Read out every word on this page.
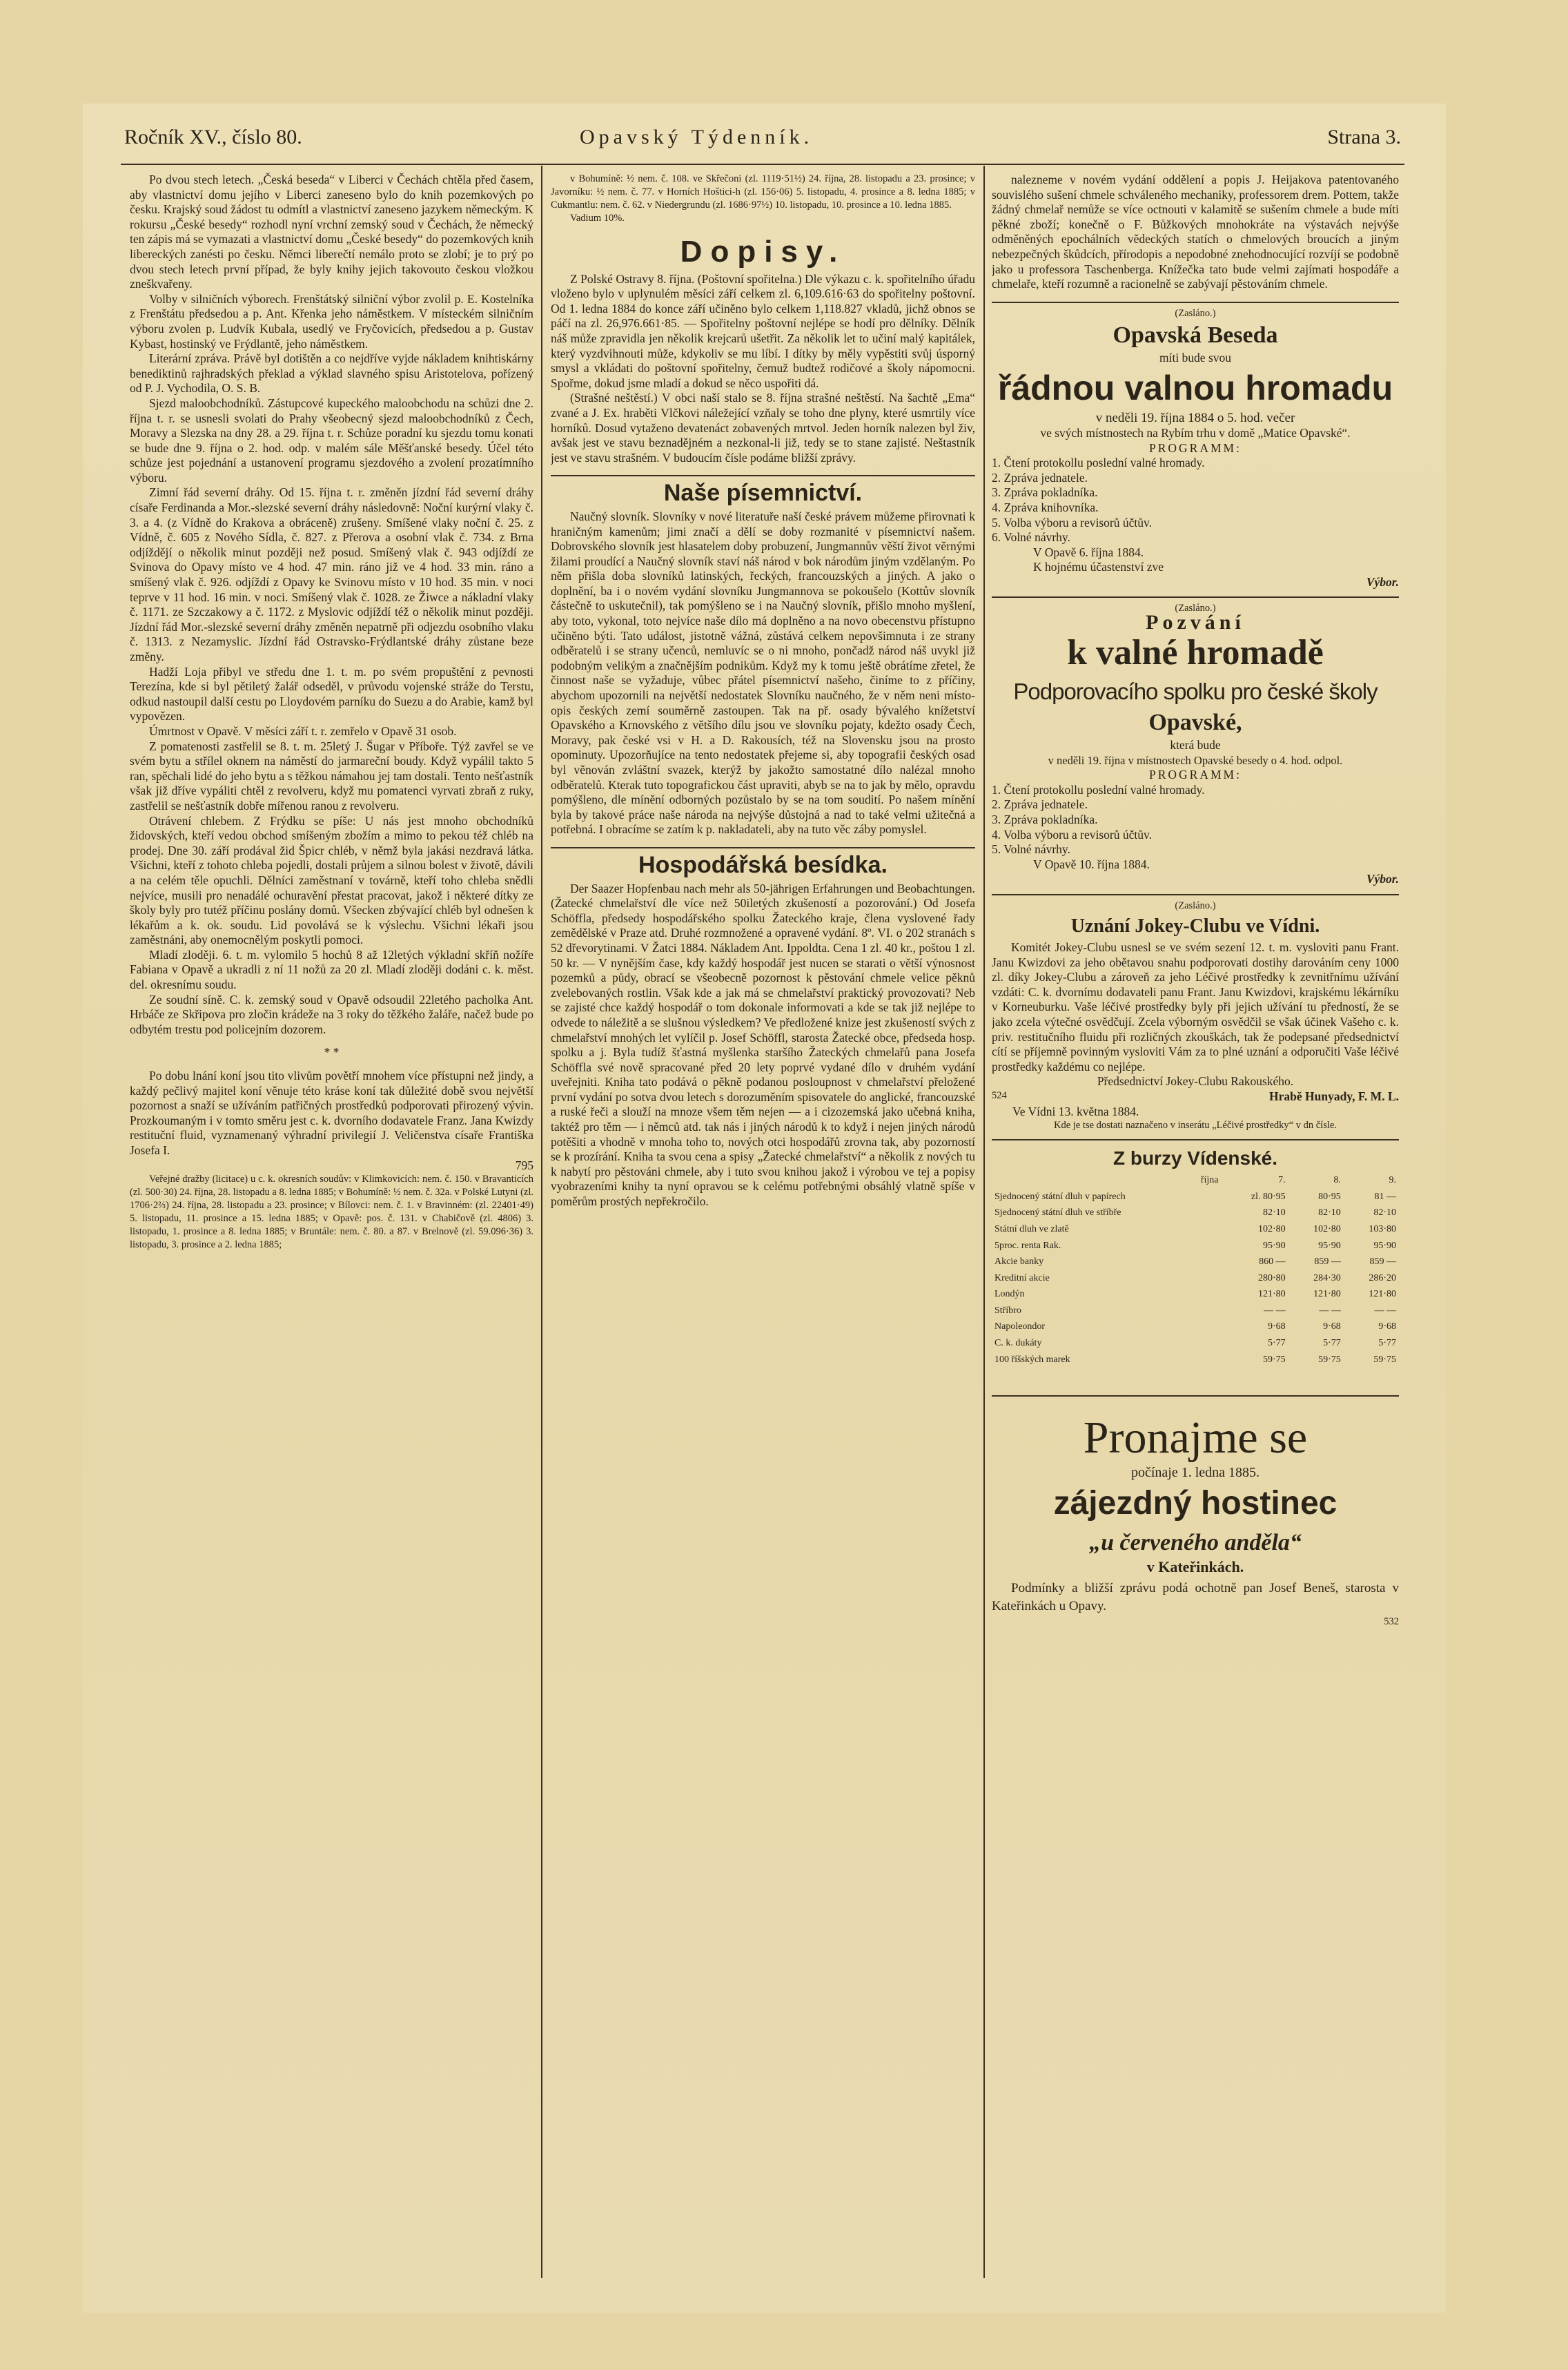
Ročník XV., číslo 80.	Opavský Týdenník.	Strana 3.

Po dvou stech letech. „Česká beseda“ v Liberci v Čechách chtěla před časem, aby vlastnictví domu jejího v Liberci zaneseno bylo do knih pozemkových po česku. Krajský soud žádost tu odmítl a vlastnictví zaneseno jazykem německým. K rokursu „České besedy“ rozhodl nyní vrchní zemský soud v Čechách, že německý ten zápis má se vymazati a vlastnictví domu „České besedy“ do pozemkových knih libereckých zanésti po česku. Němci liberečtí nemálo proto se zlobí; je to prý po dvou stech letech první případ, že byly knihy jejich takovouto českou vložkou zneškvařeny.

Volby v silničních výborech. Frenštátský silniční výbor zvolil p. E. Kostelníka z Frenštátu předsedou a p. Ant. Křenka jeho náměstkem. V místeckém silničním výboru zvolen p. Ludvík Kubala, usedlý ve Fryčovicích, předsedou a p. Gustav Kybast, hostinský ve Frýdlantě, jeho náměstkem.

Literární zpráva. Právě byl dotištěn a co nejdříve vyjde nákladem knihtiskárny benediktinů rajhradských překlad a výklad slavného spisu Aristotelova, pořízený od P. J. Vychodila, O. S. B.

Sjezd maloobchodníků. Zástupcové kupeckého maloobchodu na schůzi dne 2. října t. r. se usnesli svolati do Prahy všeobecný sjezd maloobchodníků z Čech, Moravy a Slezska na dny 28. a 29. října t. r. Schůze poradní ku sjezdu tomu konati se bude dne 9. října o 2. hod. odp. v malém sále Měšťanské besedy. Účel této schůze jest pojednání a ustanovení programu sjezdového a zvolení prozatímního výboru.

Zimní řád severní dráhy. Od 15. října t. r. změněn jízdní řád severní dráhy císaře Ferdinanda a Mor.-slezské severní dráhy následovně: Noční kurýrní vlaky č. 3. a 4. (z Vídně do Krakova a obráceně) zrušeny. Smíšené vlaky noční č. 25. z Vídně, č. 605 z Nového Sídla, č. 827. z Přerova a osobní vlak č. 734. z Brna odjíždějí o několik minut později než posud. Smíšený vlak č. 943 odjíždí ze Svinova do Opavy místo ve 4 hod. 47 min. ráno již ve 4 hod. 33 min. ráno a smíšený vlak č. 926. odjíždí z Opavy ke Svinovu místo v 10 hod. 35 min. v noci teprve v 11 hod. 16 min. v noci. Smíšený vlak č. 1028. ze Žiwce a nákladní vlaky č. 1171. ze Szczakowy a č. 1172. z Myslovic odjíždí též o několik minut později. Jízdní řád Mor.-slezské severní dráhy změněn nepatrně při odjezdu osobního vlaku č. 1313. z Nezamyslic. Jízdní řád Ostravsko-Frýdlantské dráhy zůstane beze změny.

Hadží Loja přibyl ve středu dne 1. t. m. po svém propuštění z pevnosti Terezína, kde si byl pětiletý žalář odseděl, v průvodu vojenské stráže do Terstu, odkud nastoupil další cestu po Lloydovém parníku do Suezu a do Arabie, kamž byl vypovězen.

Úmrtnost v Opavě. V měsíci září t. r. zemřelo v Opavě 31 osob.

Z pomatenosti zastřelil se 8. t. m. 25letý J. Šugar v Příboře. Týž zavřel se ve svém bytu a střílel oknem na náměstí do jarmareční boudy. Když vypálil takto 5 ran, spěchali lidé do jeho bytu a s těžkou námahou jej tam dostali. Tento nešťastník však již dříve vypáliti chtěl z revolveru, když mu pomatenci vyrvati zbraň z ruky, zastřelil se nešťastník dobře mířenou ranou z revolveru.

Otrávení chlebem. Z Frýdku se píše: U nás jest mnoho obchodníků židovských, kteří vedou obchod smíšeným zbožím a mimo to pekou též chléb na prodej. Dne 30. září prodával žid Špicr chléb, v němž byla jakási nezdravá látka. Všichni, kteří z tohoto chleba pojedli, dostali průjem a silnou bolest v životě, dávili a na celém těle opuchli. Dělníci zaměstnaní v továrně, kteří toho chleba snědli nejvíce, musili pro nenadálé ochuravění přestat pracovat, jakož i některé dítky ze školy byly pro tutéž příčinu poslány domů. Všecken zbývající chléb byl odnešen k lékařům a k. ok. soudu. Lid povolává se k výslechu. Všichni lékaři jsou zaměstnáni, aby onemocnělým poskytli pomoci.

Mladí zloději. 6. t. m. vylomilo 5 hochů 8 až 12letých výkladní skříň nožíře Fabiana v Opavě a ukradli z ní 11 nožů za 20 zl. Mladí zloději dodáni c. k. měst. del. okresnímu soudu.

Ze soudní síně. C. k. zemský soud v Opavě odsoudil 22letého pacholka Ant. Hrbáče ze Skřipova pro zločin krádeže na 3 roky do těžkého žaláře, načež bude po odbytém trestu pod policejním dozorem.

* *

Po dobu lnání koní jsou tito vlivům povětří mnohem více přístupni než jindy, a každý pečlivý majitel koní věnuje této kráse koní tak důležité době svou největší pozornost a snaží se užíváním patřičných prostředků podporovati přirozený vývin. Prozkoumaným i v tomto směru jest c. k. dvorního dodavatele Franz. Jana Kwizdy restituční fluid, vyznamenaný výhradní privilegií J. Veličenstva císaře Františka Josefa I.

795

Veřejné dražby (licitace) u c. k. okresních soudův: v Klimkovicích: nem. č. 150. v Bravanticích (zl. 500·30) 24. října, 28. listopadu a 8. ledna 1885; v Bohumíně: ½ nem. č. 32a. v Polské Lutyni (zl. 1706·2⅔) 24. října, 28. listopadu a 23. prosince; v Bílovci: nem. č. 1. v Bravinném: (zl. 22401·49) 5. listopadu, 11. prosince a 15. ledna 1885; v Opavě: pos. č. 131. v Chabičově (zl. 4806) 3. listopadu, 1. prosince a 8. ledna 1885; v Bruntále: nem. č. 80. a 87. v Brelnově (zl. 59.096·36) 3. listopadu, 3. prosince a 2. ledna 1885;

v Bohumíně: ½ nem. č. 108. ve Skřečoni (zl. 1119·51½) 24. října, 28. listopadu a 23. prosince; v Javorníku: ½ nem. č. 77. v Horních Hoštici-h (zl. 156·06) 5. listopadu, 4. prosince a 8. ledna 1885; v Cukmantlu: nem. č. 62. v Niedergrundu (zl. 1686·97½) 10. listopadu, 10. prosince a 10. ledna 1885.

Vadium 10%.

Dopisy.

Z Polské Ostravy 8. října. (Poštovní spořitelna.) Dle výkazu c. k. spořitelního úřadu vloženo bylo v uplynulém měsíci září celkem zl. 6,109.616·63 do spořitelny poštovní. Od 1. ledna 1884 do konce září učiněno bylo celkem 1,118.827 vkladů, jichž obnos se páčí na zl. 26,976.661·85. — Spořitelny poštovní nejlépe se hodí pro dělníky. Dělník náš může zpravidla jen několik krejcarů ušetřit. Za několik let to učiní malý kapitálek, který vyzdvihnouti může, kdykoliv se mu líbí. I dítky by měly vypěstiti svůj úsporný smysl a vkládati do poštovní spořitelny, čemuž budtež rodičové a školy nápomocni. Spořme, dokud jsme mladí a dokud se něco uspořiti dá.

(Strašné neštěstí.) V obci naší stalo se 8. října strašné neštěstí. Na šachtě „Ema“ zvané a J. Ex. hraběti Vlčkovi náležející vzňaly se toho dne plyny, které usmrtily více horníků. Dosud vytaženo devatenáct zobavených mrtvol. Jeden horník nalezen byl živ, avšak jest ve stavu beznadějném a nezkonal-li již, tedy se to stane zajisté. Neštastník jest ve stavu strašném. V budoucím čísle podáme bližší zprávy.

Naše písemnictví.

Naučný slovník. Slovníky v nové literatuře naší české právem můžeme přirovnati k hraničným kamenům; jimi značí a dělí se doby rozmanité v písemnictví našem. Dobrovského slovník jest hlasatelem doby probuzení, Jungmannův věští život věrnými žilami proudící a Naučný slovník staví náš národ v bok národům jiným vzdělaným. Po něm přišla doba slovníků latinských, řeckých, francouzských a jiných. A jako o doplnění, ba i o novém vydání slovníku Jungmannova se pokoušelo (Kottův slovník částečně to uskutečnil), tak pomýšleno se i na Naučný slovník, přišlo mnoho myšlení, aby toto, vykonal, toto nejvíce naše dílo má doplněno a na novo obecenstvu přístupno učiněno býti. Tato událost, jistotně vážná, zůstává celkem nepovšimnuta i ze strany odběratelů i se strany učenců, nemluvíc se o ni mnoho, pončadž národ náš uvykl již podobným velikým a značnějším podnikům. Když my k tomu ještě obrátíme zřetel, že činnost naše se vyžaduje, vůbec přátel písemnictví našeho, činíme to z příčiny, abychom upozornili na největší nedostatek Slovníku naučného, že v něm neni místo-opis českých zemí souměrně zastoupen. Tak na př. osady bývalého knížetství Opavského a Krnovského z většího dílu jsou ve slovníku pojaty, kdežto osady Čech, Moravy, pak české vsi v H. a D. Rakousích, též na Slovensku jsou na prosto opominuty. Upozorňujíce na tento nedostatek přejeme si, aby topografii českých osad byl věnován zvláštní svazek, kterýž by jakožto samostatné dílo nalézal mnoho odběratelů. Kterak tuto topografickou část upraviti, abyb se na to jak by mělo, opravdu pomýšleno, dle mínění odborných pozůstalo by se na tom soudití. Po našem mínění byla by takové práce naše národa na nejvýše důstojná a nad to také velmi užitečná a potřebná. I obracíme se zatím k p. nakladateli, aby na tuto věc záby pomyslel.

Hospodářská besídka.

Der Saazer Hopfenbau nach mehr als 50-jährigen Erfahrungen und Beobachtungen. (Žatecké chmelařství dle více než 50iletých zkušeností a pozorování.) Od Josefa Schöffla, předsedy hospodářského spolku Žateckého kraje, člena vyslovené řady zemědělské v Praze atd. Druhé rozmnožené a opravené vydání. 8º. VI. o 202 stranách s 52 dřevorytinami. V Žatci 1884. Nákladem Ant. Ippoldta. Cena 1 zl. 40 kr., poštou 1 zl. 50 kr. — V nynějším čase, kdy každý hospodář jest nucen se starati o větší výnosnost pozemků a půdy, obrací se všeobecně pozornost k pěstování chmele velice pěknů zvelebovaných rostlin. Však kde a jak má se chmelařství praktický provozovati? Neb se zajisté chce každý hospodář o tom dokonale informovati a kde se tak již nejlépe to odvede to náležitě a se slušnou výsledkem? Ve předložené knize jest zkušeností svých z chmelařství mnohých let vylíčil p. Josef Schöffl, starosta Žatecké obce, předseda hosp. spolku a j. Byla tudíž šťastná myšlenka staršího Žateckých chmelařů pana Josefa Schöffla své nově spracované před 20 lety poprvé vydané dílo v druhém vydání uveřejniti. Kniha tato podává o pěkně podanou posloupnost v chmelařství přeložené první vydání po sotva dvou letech s dorozuměním spisovatele do anglické, francouzské a ruské řeči a slouží na mnoze všem těm nejen — a i cizozemská jako učebná kniha, taktéž pro těm — i němců atd. tak nás i jiných národů k to když i nejen jiných národů potěšiti a vhodně v mnoha toho to, nových otci hospodářů zrovna tak, aby pozorností se k prozírání. Kniha ta svou cena a spisy „Žatecké chmelařství“ a několik z nových tu k nabytí pro pěstováni chmele, aby i tuto svou knihou jakož i výrobou ve tej a popisy vyobrazeními knihy ta nyní opravou se k celému potřebnými obsáhlý vlatně spíše v poměrům prostých nepřekročilo.

nalezneme v novém vydání oddělení a popis J. Heijakova patentovaného souvislého sušení chmele schváleného mechaniky, professorem drem. Pottem, takže žádný chmelař nemůže se více octnouti v kalamitě se sušením chmele a bude míti pěkné zboží; konečně o F. Bůžkových mnohokráte na výstavách nejvýše odměněných epochálních vědeckých statích o chmelových broucích a jiným nebezpečných škůdcích, přírodopis a nepodobné znehodnocující rozvíjí se podobně jako u professora Taschenberga. Knížečka tato bude velmi zajímati hospodáře a chmelaře, kteří rozumně a racionelně se zabývají pěstováním chmele.

(Zasláno.)
Opavská Beseda
míti bude svou
řádnou valnou hromadu
v neděli 19. října 1884 o 5. hod. večer
ve svých místnostech na Rybím trhu v domě „Matice Opavské“.
PROGRAMM:
1. Čtení protokollu poslední valné hromady.
2. Zpráva jednatele.
3. Zpráva pokladníka.
4. Zpráva knihovníka.
5. Volba výboru a revisorů účtův.
6. Volné návrhy.
V Opavě 6. října 1884.
K hojnému účastenství zve
Výbor.
(Zasláno.)
Pozvání
k valné hromadě
Podporovacího spolku pro české školy
Opavské,
která bude
v neděli 19. října v místnostech Opavské besedy o 4. hod. odpol.
PROGRAMM:
1. Čtení protokollu poslední valné hromady.
2. Zpráva jednatele.
3. Zpráva pokladníka.
4. Volba výboru a revisorů účtův.
5. Volné návrhy.
V Opavě 10. října 1884.
Výbor.
(Zasláno.)
Uznání Jokey-Clubu ve Vídni.

Komitét Jokey-Clubu usnesl se ve svém sezení 12. t. m. vysloviti panu Frant. Janu Kwizdovi za jeho obětavou snahu podporovati dostihy darováním ceny 1000 zl. díky Jokey-Clubu a zároveň za jeho Léčivé prostředky k zevnitřnímu užívání vzdáti: C. k. dvornímu dodavateli panu Frant. Janu Kwizdovi, krajskému lékárníku v Korneuburku. Vaše léčivé prostředky byly při jejich užívání tu předností, že se jako zcela výtečné osvědčují. Zcela výborným osvědčil se však účinek Vašeho c. k. priv. restitučního fluidu při rozličných zkouškách, tak že podepsané předsednictví cítí se příjemně povinným vysloviti Vám za to plné uznání a odporučiti Vaše léčivé prostředky každému co nejlépe.

Předsednictví Jokey-Clubu Rakouského.
524	Hrabě Hunyady, F. M. L.
Ve Vídni 13. května 1884.
Kde je tse dostati naznačeno v inserátu „Léčivé prostředky“ v dn čísle.
Z burzy Vídenské.
října	7.	8.	9.
Sjednocený státní dluh v papírech	zl. 80·95	80·95	81 —
Sjednocený státní dluh ve stříbře	82·10	82·10	82·10
Státní dluh ve zlatě	102·80	102·80	103·80
5proc. renta Rak.	95·90	95·90	95·90
Akcie banky	860 —	859 —	859 —
Kreditní akcie	280·80	284·30	286·20
Londýn	121·80	121·80	121·80
Stříbro	— —	— —	— —
Napoleondor	9·68	9·68	9·68
C. k. dukáty	5·77	5·77	5·77
100 říšských marek	59·75	59·75	59·75
Pronajme se
počínaje 1. ledna 1885.
zájezdný hostinec
„u červeného anděla“
v Kateřinkách.

Podmínky a bližší zprávu podá ochotně pan Josef Beneš, starosta v Kateřinkách u Opavy.

532
